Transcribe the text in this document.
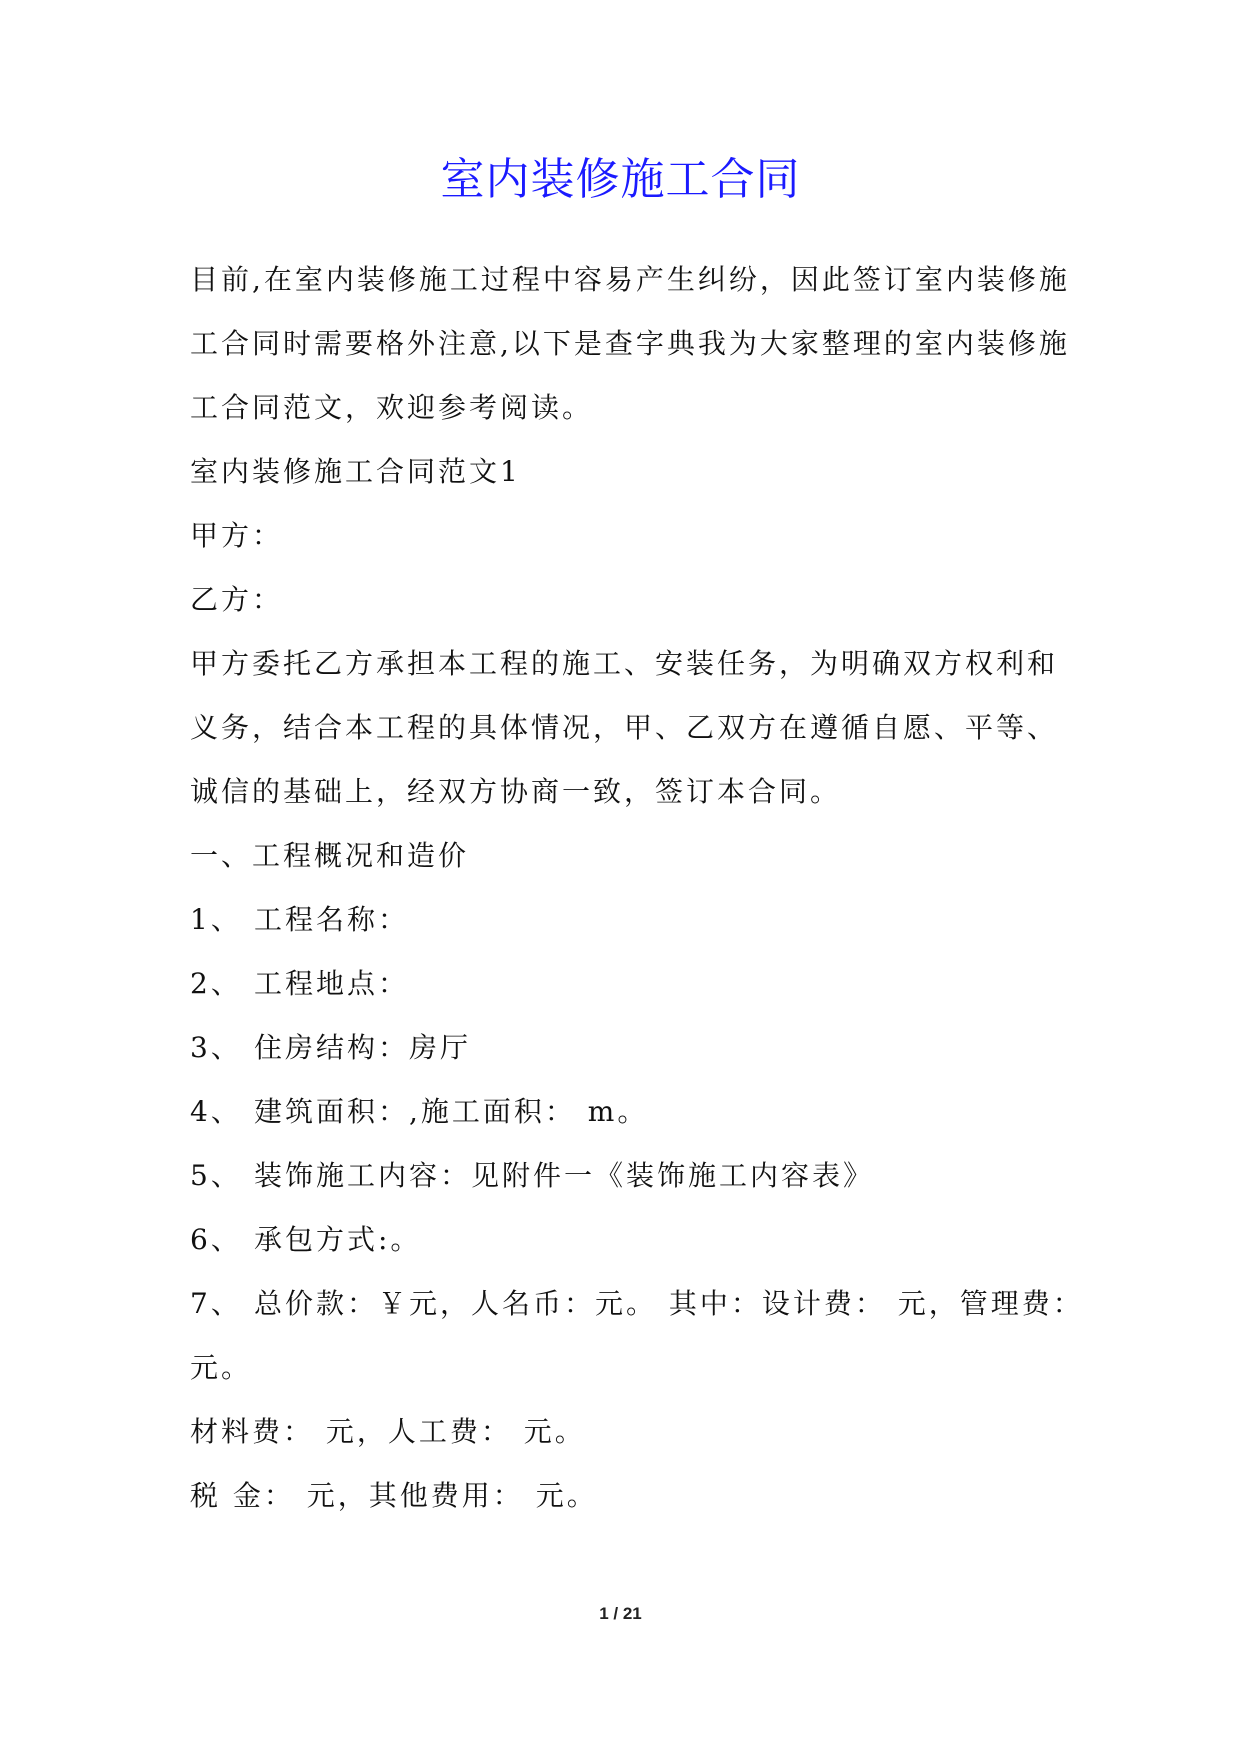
室内装修施工合同

目前,在室内装修施工过程中容易产生纠纷，因此签订室内装修施工合同时需要格外注意,以下是查字典我为大家整理的室内装修施工合同范文，欢迎参考阅读。

室内装修施工合同范文1

甲方：

乙方：

甲方委托乙方承担本工程的施工、安装任务，为明确双方权利和义务，结合本工程的具体情况，甲、乙双方在遵循自愿、平等、诚信的基础上，经双方协商一致，签订本合同。

一、工程概况和造价

1、 工程名称：
2、 工程地点：
3、 住房结构：房厅
4、 建筑面积：,施工面积： m。
5、 装饰施工内容：见附件一《装饰施工内容表》
6、 承包方式:。
7、 总价款：￥元，人名币：元。 其中：设计费： 元，管理费：

元。

材料费： 元，人工费： 元。

税 金： 元，其他费用： 元。

1 / 21
